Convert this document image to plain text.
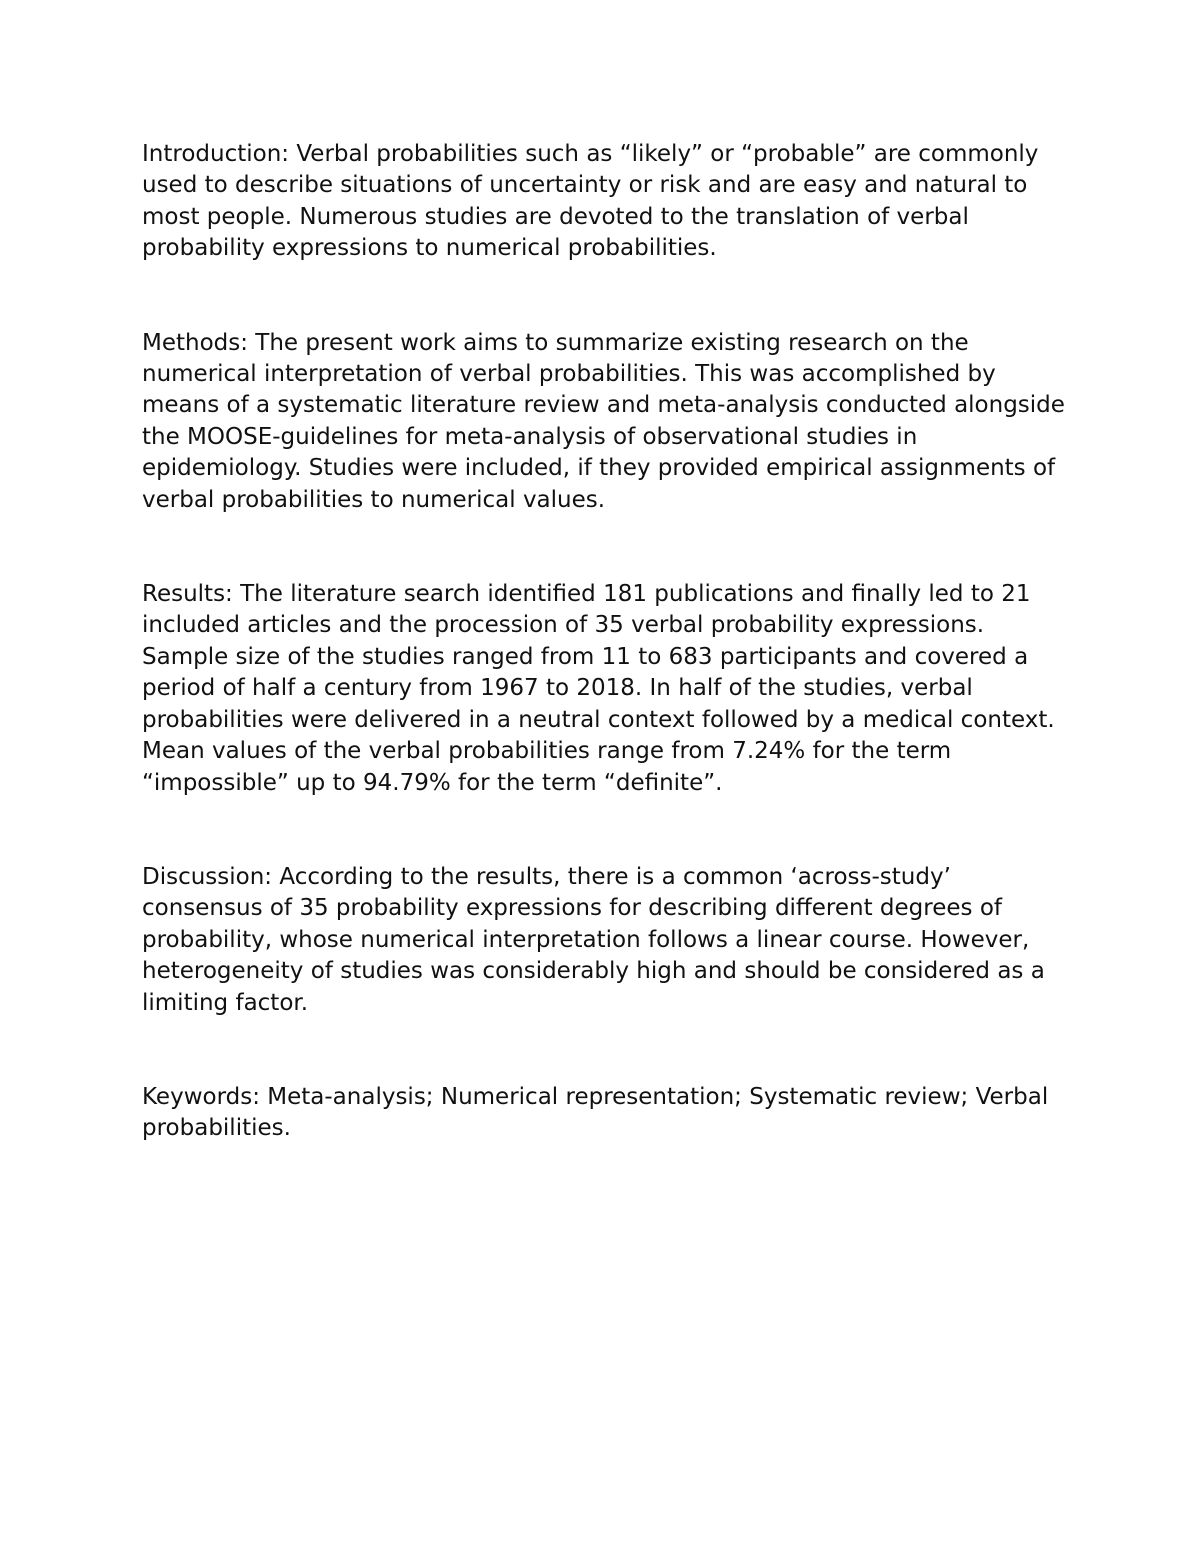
Introduction: Verbal probabilities such as “likely” or “probable” are commonly used to describe situations of uncertainty or risk and are easy and natural to most people. Numerous studies are devoted to the translation of verbal probability expressions to numerical probabilities.

Methods: The present work aims to summarize existing research on the numerical interpretation of verbal probabilities. This was accomplished by means of a systematic literature review and meta-analysis conducted alongside the MOOSE-guidelines for meta-analysis of observational studies in epidemiology. Studies were included, if they provided empirical assignments of verbal probabilities to numerical values.

Results: The literature search identified 181 publications and finally led to 21 included articles and the procession of 35 verbal probability expressions. Sample size of the studies ranged from 11 to 683 participants and covered a period of half a century from 1967 to 2018. In half of the studies, verbal probabilities were delivered in a neutral context followed by a medical context. Mean values of the verbal probabilities range from 7.24% for the term “impossible” up to 94.79% for the term “definite”.

Discussion: According to the results, there is a common ‘across-study’ consensus of 35 probability expressions for describing different degrees of probability, whose numerical interpretation follows a linear course. However, heterogeneity of studies was considerably high and should be considered as a limiting factor.

Keywords: Meta-analysis; Numerical representation; Systematic review; Verbal probabilities.
